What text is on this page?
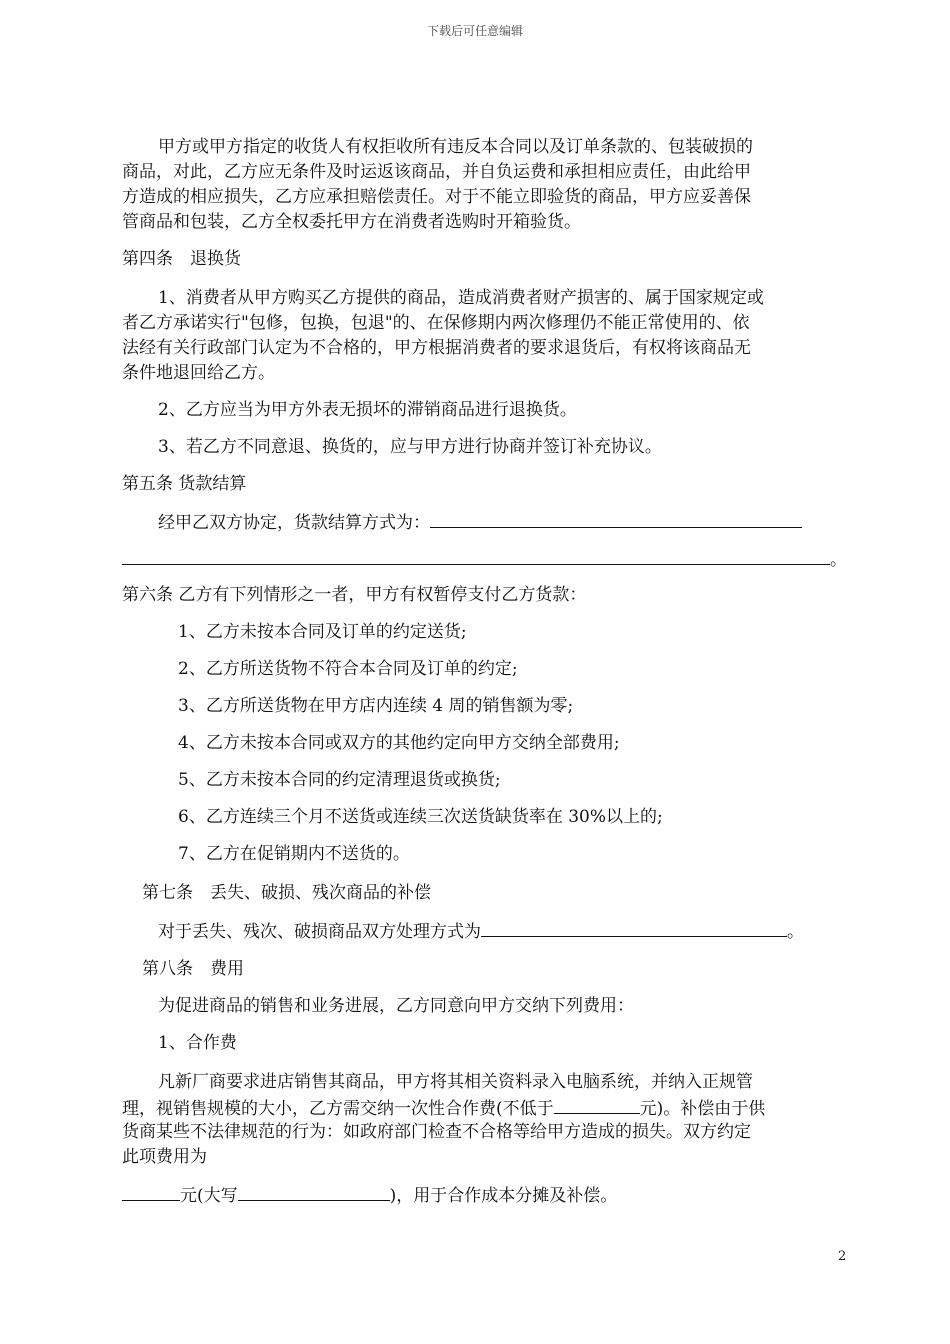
下载后可任意编辑
甲方或甲方指定的收货人有权拒收所有违反本合同以及订单条款的、包装破损的
商品，对此，乙方应无条件及时运返该商品，并自负运费和承担相应责任，由此给甲
方造成的相应损失，乙方应承担赔偿责任。对于不能立即验货的商品，甲方应妥善保
管商品和包装，乙方全权委托甲方在消费者选购时开箱验货。
第四条　退换货
1、消费者从甲方购买乙方提供的商品，造成消费者财产损害的、属于国家规定或
者乙方承诺实行"包修，包换，包退"的、在保修期内两次修理仍不能正常使用的、依
法经有关行政部门认定为不合格的，甲方根据消费者的要求退货后，有权将该商品无
条件地退回给乙方。
2、乙方应当为甲方外表无损坏的滞销商品进行退换货。
3、若乙方不同意退、换货的，应与甲方进行协商并签订补充协议。
第五条 货款结算
经甲乙双方协定，货款结算方式为：
。
第六条 乙方有下列情形之一者，甲方有权暂停支付乙方货款：
1、乙方未按本合同及订单的约定送货;
2、乙方所送货物不符合本合同及订单的约定;
3、乙方所送货物在甲方店内连续 4 周的销售额为零;
4、乙方未按本合同或双方的其他约定向甲方交纳全部费用;
5、乙方未按本合同的约定清理退货或换货;
6、乙方连续三个月不送货或连续三次送货缺货率在 30%以上的;
7、乙方在促销期内不送货的。
第七条　丢失、破损、残次商品的补偿
对于丢失、残次、破损商品双方处理方式为	。
第八条　费用
为促进商品的销售和业务进展，乙方同意向甲方交纳下列费用：
1、合作费
凡新厂商要求进店销售其商品，甲方将其相关资料录入电脑系统，并纳入正规管
理，视销售规模的大小，乙方需交纳一次性合作费(不低于	元)。补偿由于供
货商某些不法律规范的行为：如政府部门检查不合格等给甲方造成的损失。双方约定
此项费用为
元(大写	)，用于合作成本分摊及补偿。
2
